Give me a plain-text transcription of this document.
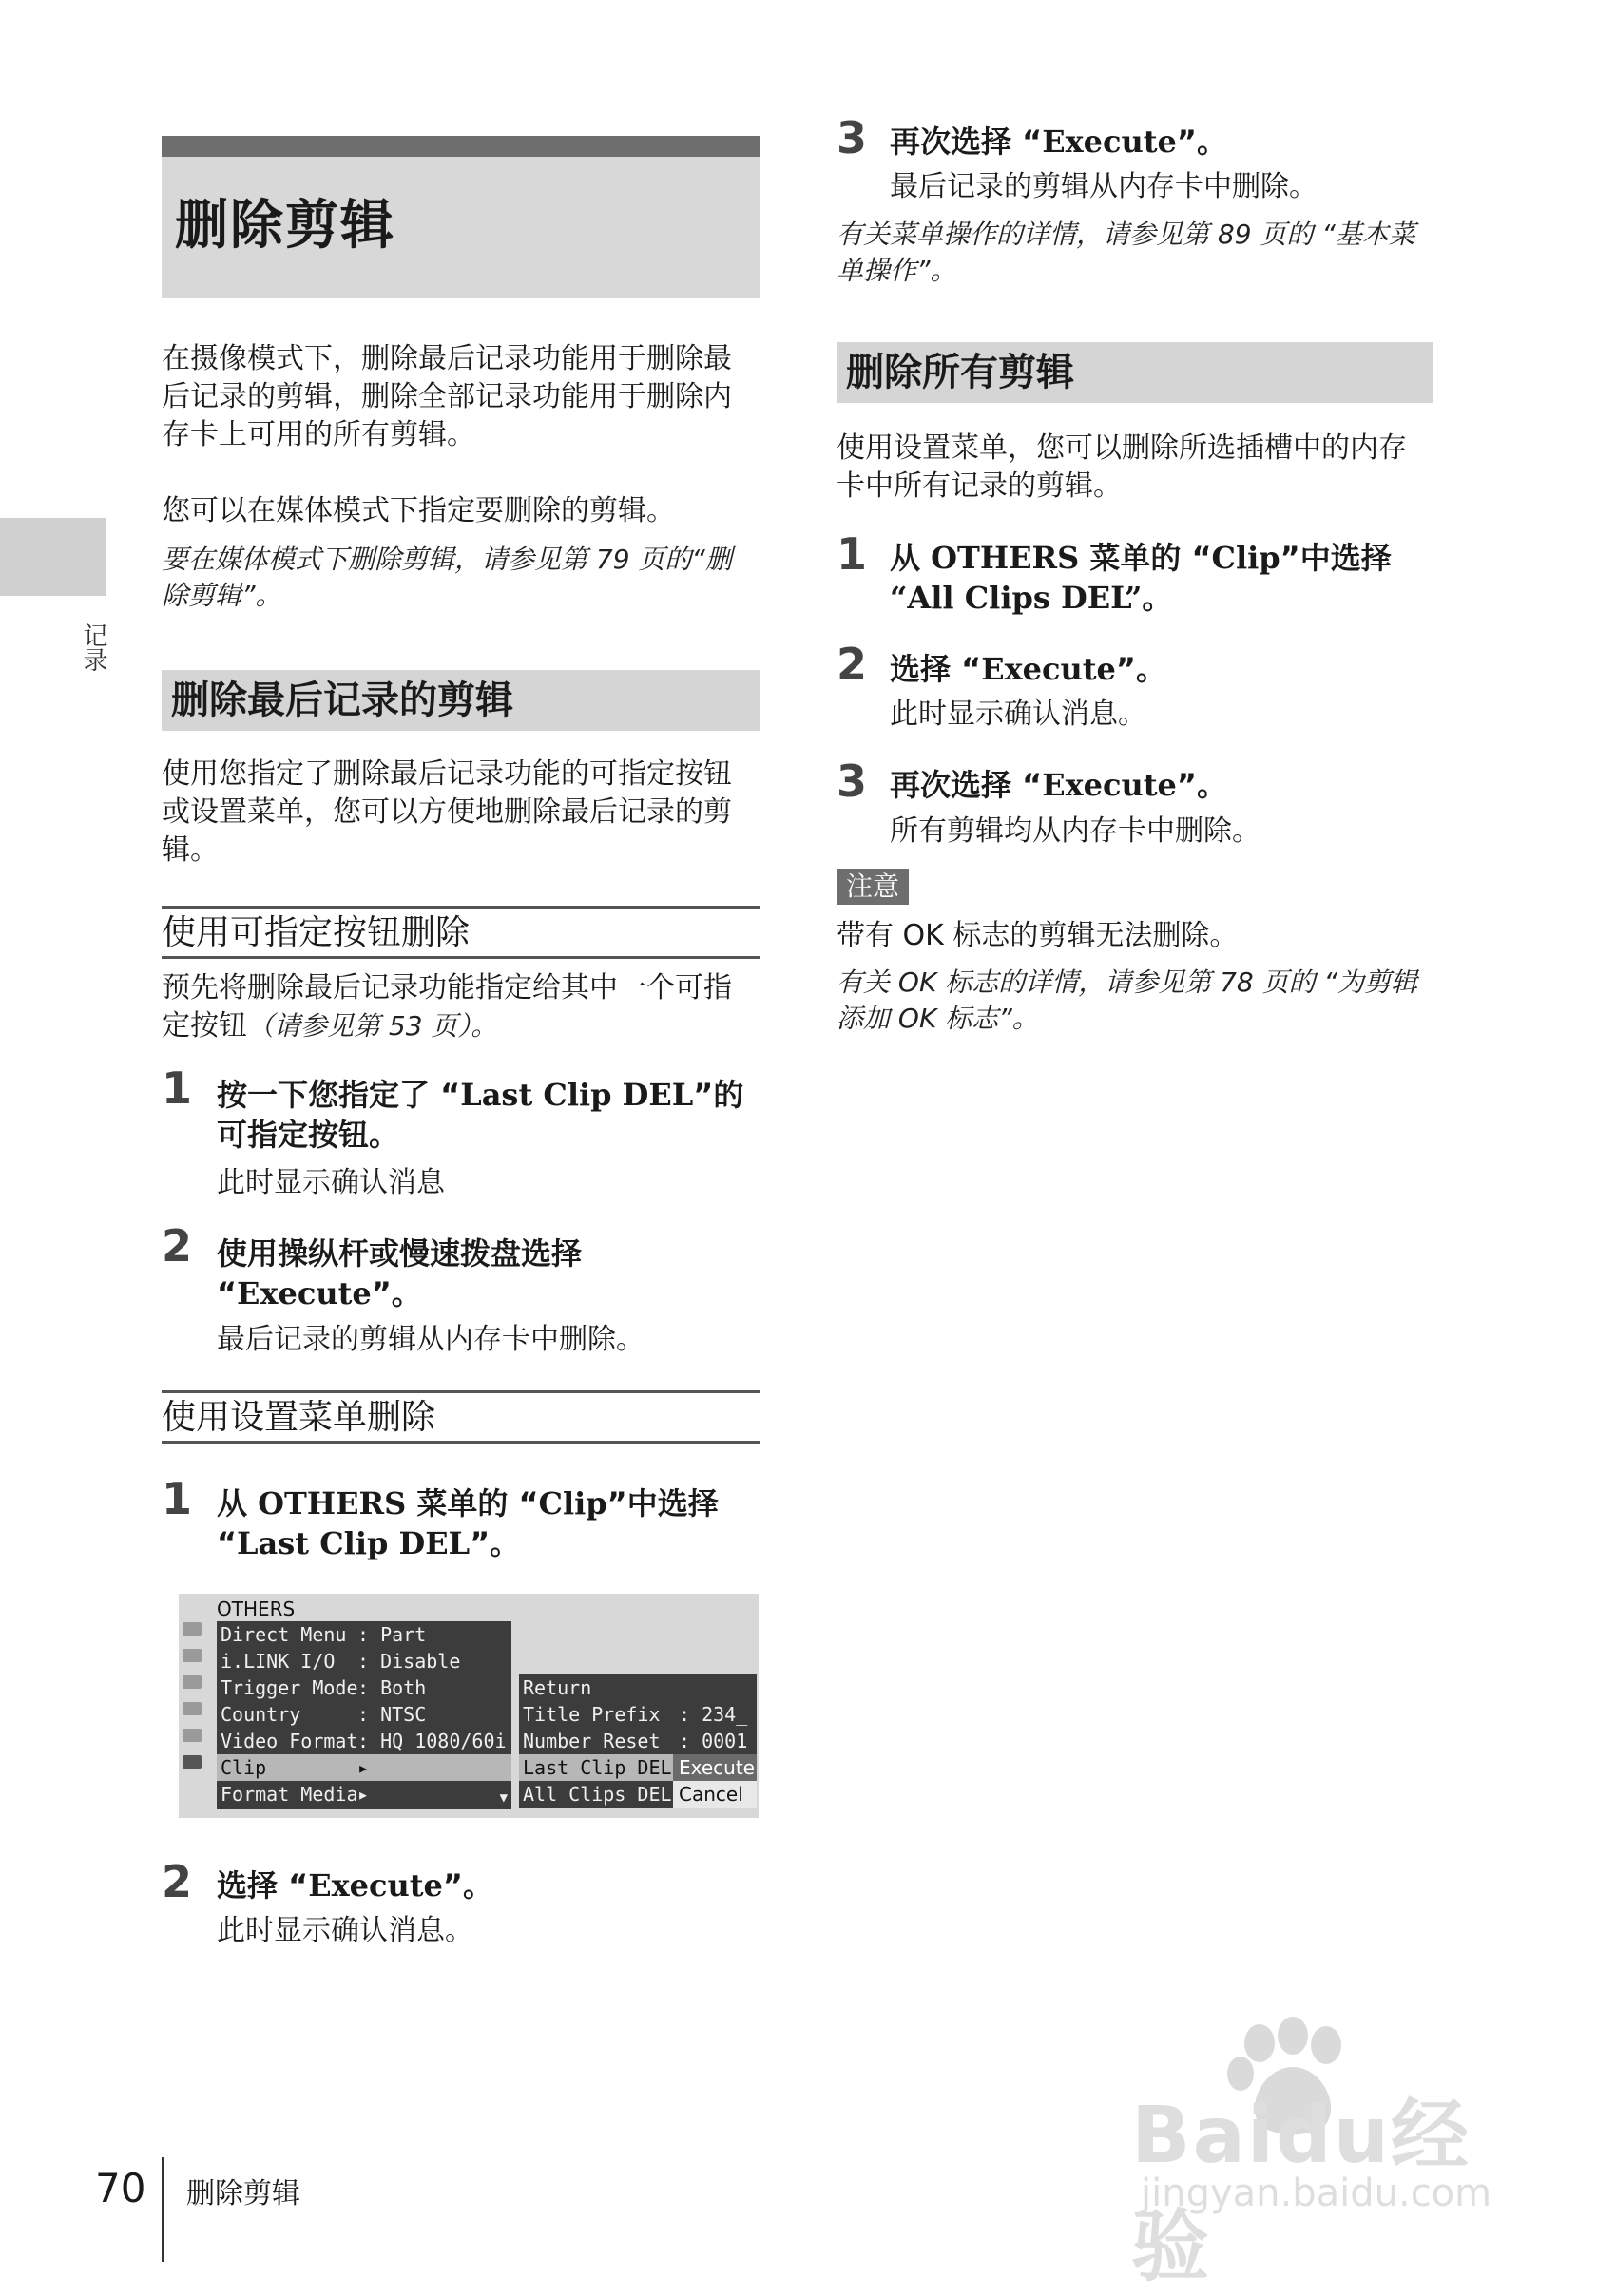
记录
删除剪辑
在摄像模式下，删除最后记录功能用于删除最后记录的剪辑，删除全部记录功能用于删除内存卡上可用的所有剪辑。
您可以在媒体模式下指定要删除的剪辑。
要在媒体模式下删除剪辑，请参见第 79 页的“删除剪辑”。
删除最后记录的剪辑
使用您指定了删除最后记录功能的可指定按钮或设置菜单，您可以方便地删除最后记录的剪辑。
使用可指定按钮删除
预先将删除最后记录功能指定给其中一个可指定按钮（请参见第 53 页）。
1 按一下您指定了 “Last Clip DEL”的可指定按钮。
此时显示确认消息
2 使用操纵杆或慢速拨盘选择 “Execute”。
最后记录的剪辑从内存卡中删除。
使用设置菜单删除
1 从 OTHERS 菜单的 “Clip”中选择 “Last Clip DEL”。
OTHERS
Direct Menu : Part
i.LINK I/O : Disable
Trigger Mode : Both
Country	: NTSC
Video Format : HQ 1080/60i
Clip	▸
Format Media ▸	▼
Return
Title Prefix : 234_
Number Reset : 0001
Last Clip DEL
All Clips DEL
Execute
Cancel
2 选择 “Execute”。
此时显示确认消息。
3 再次选择 “Execute”。
最后记录的剪辑从内存卡中删除。
有关菜单操作的详情，请参见第 89 页的 “基本菜单操作”。
删除所有剪辑
使用设置菜单，您可以删除所选插槽中的内存卡中所有记录的剪辑。
1 从 OTHERS 菜单的 “Clip”中选择
“All Clips DEL”。
2 选择 “Execute”。
此时显示确认消息。
3 再次选择 “Execute”。
所有剪辑均从内存卡中删除。
注意
带有 OK 标志的剪辑无法删除。
有关 OK 标志的详情，请参见第 78 页的 “为剪辑添加 OK 标志”。
Baidu经验
jingyan.baidu.com
70 删除剪辑
